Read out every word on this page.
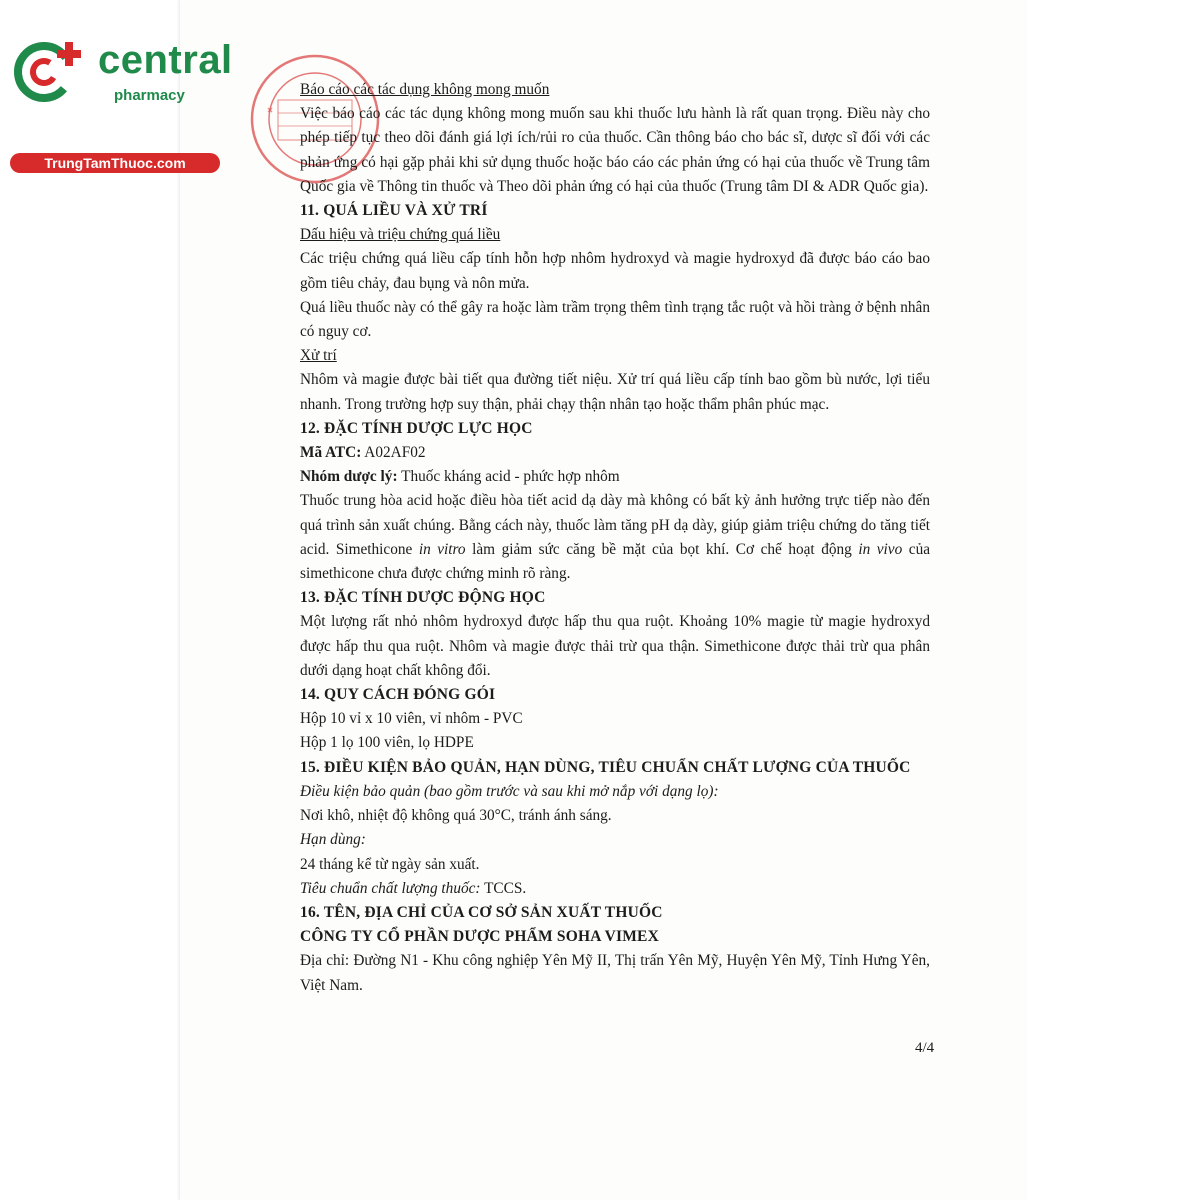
central
pharmacy
TrungTamThuoc.com

Báo cáo các tác dụng không mong muốn

Việc báo cáo các tác dụng không mong muốn sau khi thuốc lưu hành là rất quan trọng. Điều này cho phép tiếp tục theo dõi đánh giá lợi ích/rủi ro của thuốc. Cần thông báo cho bác sĩ, dược sĩ đối với các phản ứng có hại gặp phải khi sử dụng thuốc hoặc báo cáo các phản ứng có hại của thuốc về Trung tâm Quốc gia về Thông tin thuốc và Theo dõi phản ứng có hại của thuốc (Trung tâm DI & ADR Quốc gia).

11. QUÁ LIỀU VÀ XỬ TRÍ

Dấu hiệu và triệu chứng quá liều

Các triệu chứng quá liều cấp tính hỗn hợp nhôm hydroxyd và magie hydroxyd đã được báo cáo bao gồm tiêu chảy, đau bụng và nôn mửa.

Quá liều thuốc này có thể gây ra hoặc làm trầm trọng thêm tình trạng tắc ruột và hồi tràng ở bệnh nhân có nguy cơ.

Xử trí

Nhôm và magie được bài tiết qua đường tiết niệu. Xử trí quá liều cấp tính bao gồm bù nước, lợi tiểu nhanh. Trong trường hợp suy thận, phải chạy thận nhân tạo hoặc thẩm phân phúc mạc.

12. ĐẶC TÍNH DƯỢC LỰC HỌC

Mã ATC: A02AF02

Nhóm dược lý: Thuốc kháng acid - phức hợp nhôm

Thuốc trung hòa acid hoặc điều hòa tiết acid dạ dày mà không có bất kỳ ảnh hưởng trực tiếp nào đến quá trình sản xuất chúng. Bằng cách này, thuốc làm tăng pH dạ dày, giúp giảm triệu chứng do tăng tiết acid. Simethicone in vitro làm giảm sức căng bề mặt của bọt khí. Cơ chế hoạt động in vivo của simethicone chưa được chứng minh rõ ràng.

13. ĐẶC TÍNH DƯỢC ĐỘNG HỌC

Một lượng rất nhỏ nhôm hydroxyd được hấp thu qua ruột. Khoảng 10% magie từ magie hydroxyd được hấp thu qua ruột. Nhôm và magie được thải trừ qua thận. Simethicone được thải trừ qua phân dưới dạng hoạt chất không đổi.

14. QUY CÁCH ĐÓNG GÓI

Hộp 10 vỉ x 10 viên, vỉ nhôm - PVC

Hộp 1 lọ 100 viên, lọ HDPE

15. ĐIỀU KIỆN BẢO QUẢN, HẠN DÙNG, TIÊU CHUẨN CHẤT LƯỢNG CỦA THUỐC

Điều kiện bảo quản (bao gồm trước và sau khi mở nắp với dạng lọ):

Nơi khô, nhiệt độ không quá 30°C, tránh ánh sáng.

Hạn dùng:

24 tháng kể từ ngày sản xuất.

Tiêu chuẩn chất lượng thuốc: TCCS.

16. TÊN, ĐỊA CHỈ CỦA CƠ SỞ SẢN XUẤT THUỐC
CÔNG TY CỔ PHẦN DƯỢC PHẨM SOHA VIMEX

Địa chỉ: Đường N1 - Khu công nghiệp Yên Mỹ II, Thị trấn Yên Mỹ, Huyện Yên Mỹ, Tỉnh Hưng Yên, Việt Nam.

4/4
